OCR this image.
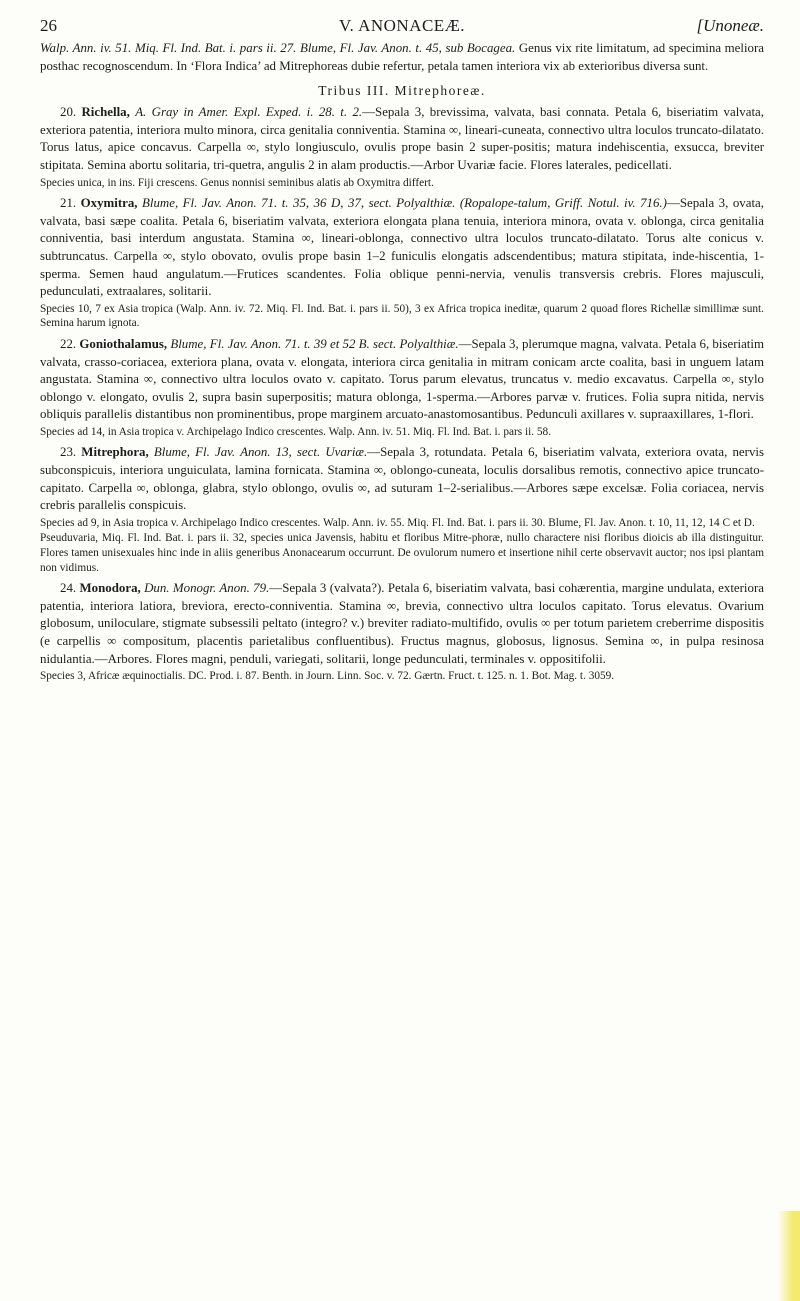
26	V. ANONACEÆ.	[Unoneæ.

Walp. Ann. iv. 51. Miq. Fl. Ind. Bat. i. pars ii. 27. Blume, Fl. Jav. Anon. t. 45, sub Bocagea. Genus vix rite limitatum, ad specimina meliora posthac recognoscendum. In ‘Flora Indica’ ad Mitrephoreas dubie refertur, petala tamen interiora vix ab exterioribus diversa sunt.

Tribus III. Mitrephoreæ.

20. Richella, A. Gray in Amer. Expl. Exped. i. 28. t. 2.—Sepala 3, brevissima, valvata, basi connata. Petala 6, biseriatim valvata, exteriora patentia, interiora multo minora, circa genitalia conniventia. Stamina ∞, lineari-cuneata, connectivo ultra loculos truncato-dilatato. Torus latus, apice concavus. Carpella ∞, stylo longiusculo, ovulis prope basin 2 super-positis; matura indehiscentia, exsucca, breviter stipitata. Semina abortu solitaria, tri-quetra, angulis 2 in alam productis.—Arbor Uvariæ facie. Flores laterales, pedicellati.

Species unica, in ins. Fiji crescens. Genus nonnisi seminibus alatis ab Oxymitra differt.

21. Oxymitra, Blume, Fl. Jav. Anon. 71. t. 35, 36 D, 37, sect. Polyalthiæ. (Ropalope-talum, Griff. Notul. iv. 716.)—Sepala 3, ovata, valvata, basi sæpe coalita. Petala 6, biseriatim valvata, exteriora elongata plana tenuia, interiora minora, ovata v. oblonga, circa genitalia conniventia, basi interdum angustata. Stamina ∞, lineari-oblonga, connectivo ultra loculos truncato-dilatato. Torus alte conicus v. subtruncatus. Carpella ∞, stylo obovato, ovulis prope basin 1–2 funiculis elongatis adscendentibus; matura stipitata, inde-hiscentia, 1-sperma. Semen haud angulatum.—Frutices scandentes. Folia oblique penni-nervia, venulis transversis crebris. Flores majusculi, pedunculati, extraalares, solitarii.

Species 10, 7 ex Asia tropica (Walp. Ann. iv. 72. Miq. Fl. Ind. Bat. i. pars ii. 50), 3 ex Africa tropica ineditæ, quarum 2 quoad flores Richellæ simillimæ sunt. Semina harum ignota.

22. Goniothalamus, Blume, Fl. Jav. Anon. 71. t. 39 et 52 B. sect. Polyalthiæ.—Sepala 3, plerumque magna, valvata. Petala 6, biseriatim valvata, crasso-coriacea, exteriora plana, ovata v. elongata, interiora circa genitalia in mitram conicam arcte coalita, basi in unguem latam angustata. Stamina ∞, connectivo ultra loculos ovato v. capitato. Torus parum elevatus, truncatus v. medio excavatus. Carpella ∞, stylo oblongo v. elongato, ovulis 2, supra basin superpositis; matura oblonga, 1-sperma.—Arbores parvæ v. frutices. Folia supra nitida, nervis obliquis parallelis distantibus non prominentibus, prope marginem arcuato-anastomosantibus. Pedunculi axillares v. supraaxillares, 1-flori.

Species ad 14, in Asia tropica v. Archipelago Indico crescentes. Walp. Ann. iv. 51. Miq. Fl. Ind. Bat. i. pars ii. 58.

23. Mitrephora, Blume, Fl. Jav. Anon. 13, sect. Uvariæ.—Sepala 3, rotundata. Petala 6, biseriatim valvata, exteriora ovata, nervis subconspicuis, interiora unguiculata, lamina fornicata. Stamina ∞, oblongo-cuneata, loculis dorsalibus remotis, connectivo apice truncato-capitato. Carpella ∞, oblonga, glabra, stylo oblongo, ovulis ∞, ad suturam 1–2-serialibus.—Arbores sæpe excelsæ. Folia coriacea, nervis crebris parallelis conspicuis.

Species ad 9, in Asia tropica v. Archipelago Indico crescentes. Walp. Ann. iv. 55. Miq. Fl. Ind. Bat. i. pars ii. 30. Blume, Fl. Jav. Anon. t. 10, 11, 12, 14 C et D.

Pseuduvaria, Miq. Fl. Ind. Bat. i. pars ii. 32, species unica Javensis, habitu et floribus Mitre-phoræ, nullo charactere nisi floribus dioicis ab illa distinguitur. Flores tamen unisexuales hinc inde in aliis generibus Anonacearum occurrunt. De ovulorum numero et insertione nihil certe observavit auctor; nos ipsi plantam non vidimus.

24. Monodora, Dun. Monogr. Anon. 79.—Sepala 3 (valvata?). Petala 6, biseriatim valvata, basi cohærentia, margine undulata, exteriora patentia, interiora latiora, breviora, erecto-conniventia. Stamina ∞, brevia, connectivo ultra loculos capitato. Torus elevatus. Ovarium globosum, uniloculare, stigmate subsessili peltato (integro? v.) breviter radiato-multifido, ovulis ∞ per totum parietem creberrime dispositis (e carpellis ∞ compositum, placentis parietalibus confluentibus). Fructus magnus, globosus, lignosus. Semina ∞, in pulpa resinosa nidulantia.—Arbores. Flores magni, penduli, variegati, solitarii, longe pedunculati, terminales v. oppositifolii.

Species 3, Africæ æquinoctialis. DC. Prod. i. 87. Benth. in Journ. Linn. Soc. v. 72. Gærtn. Fruct. t. 125. n. 1. Bot. Mag. t. 3059.
